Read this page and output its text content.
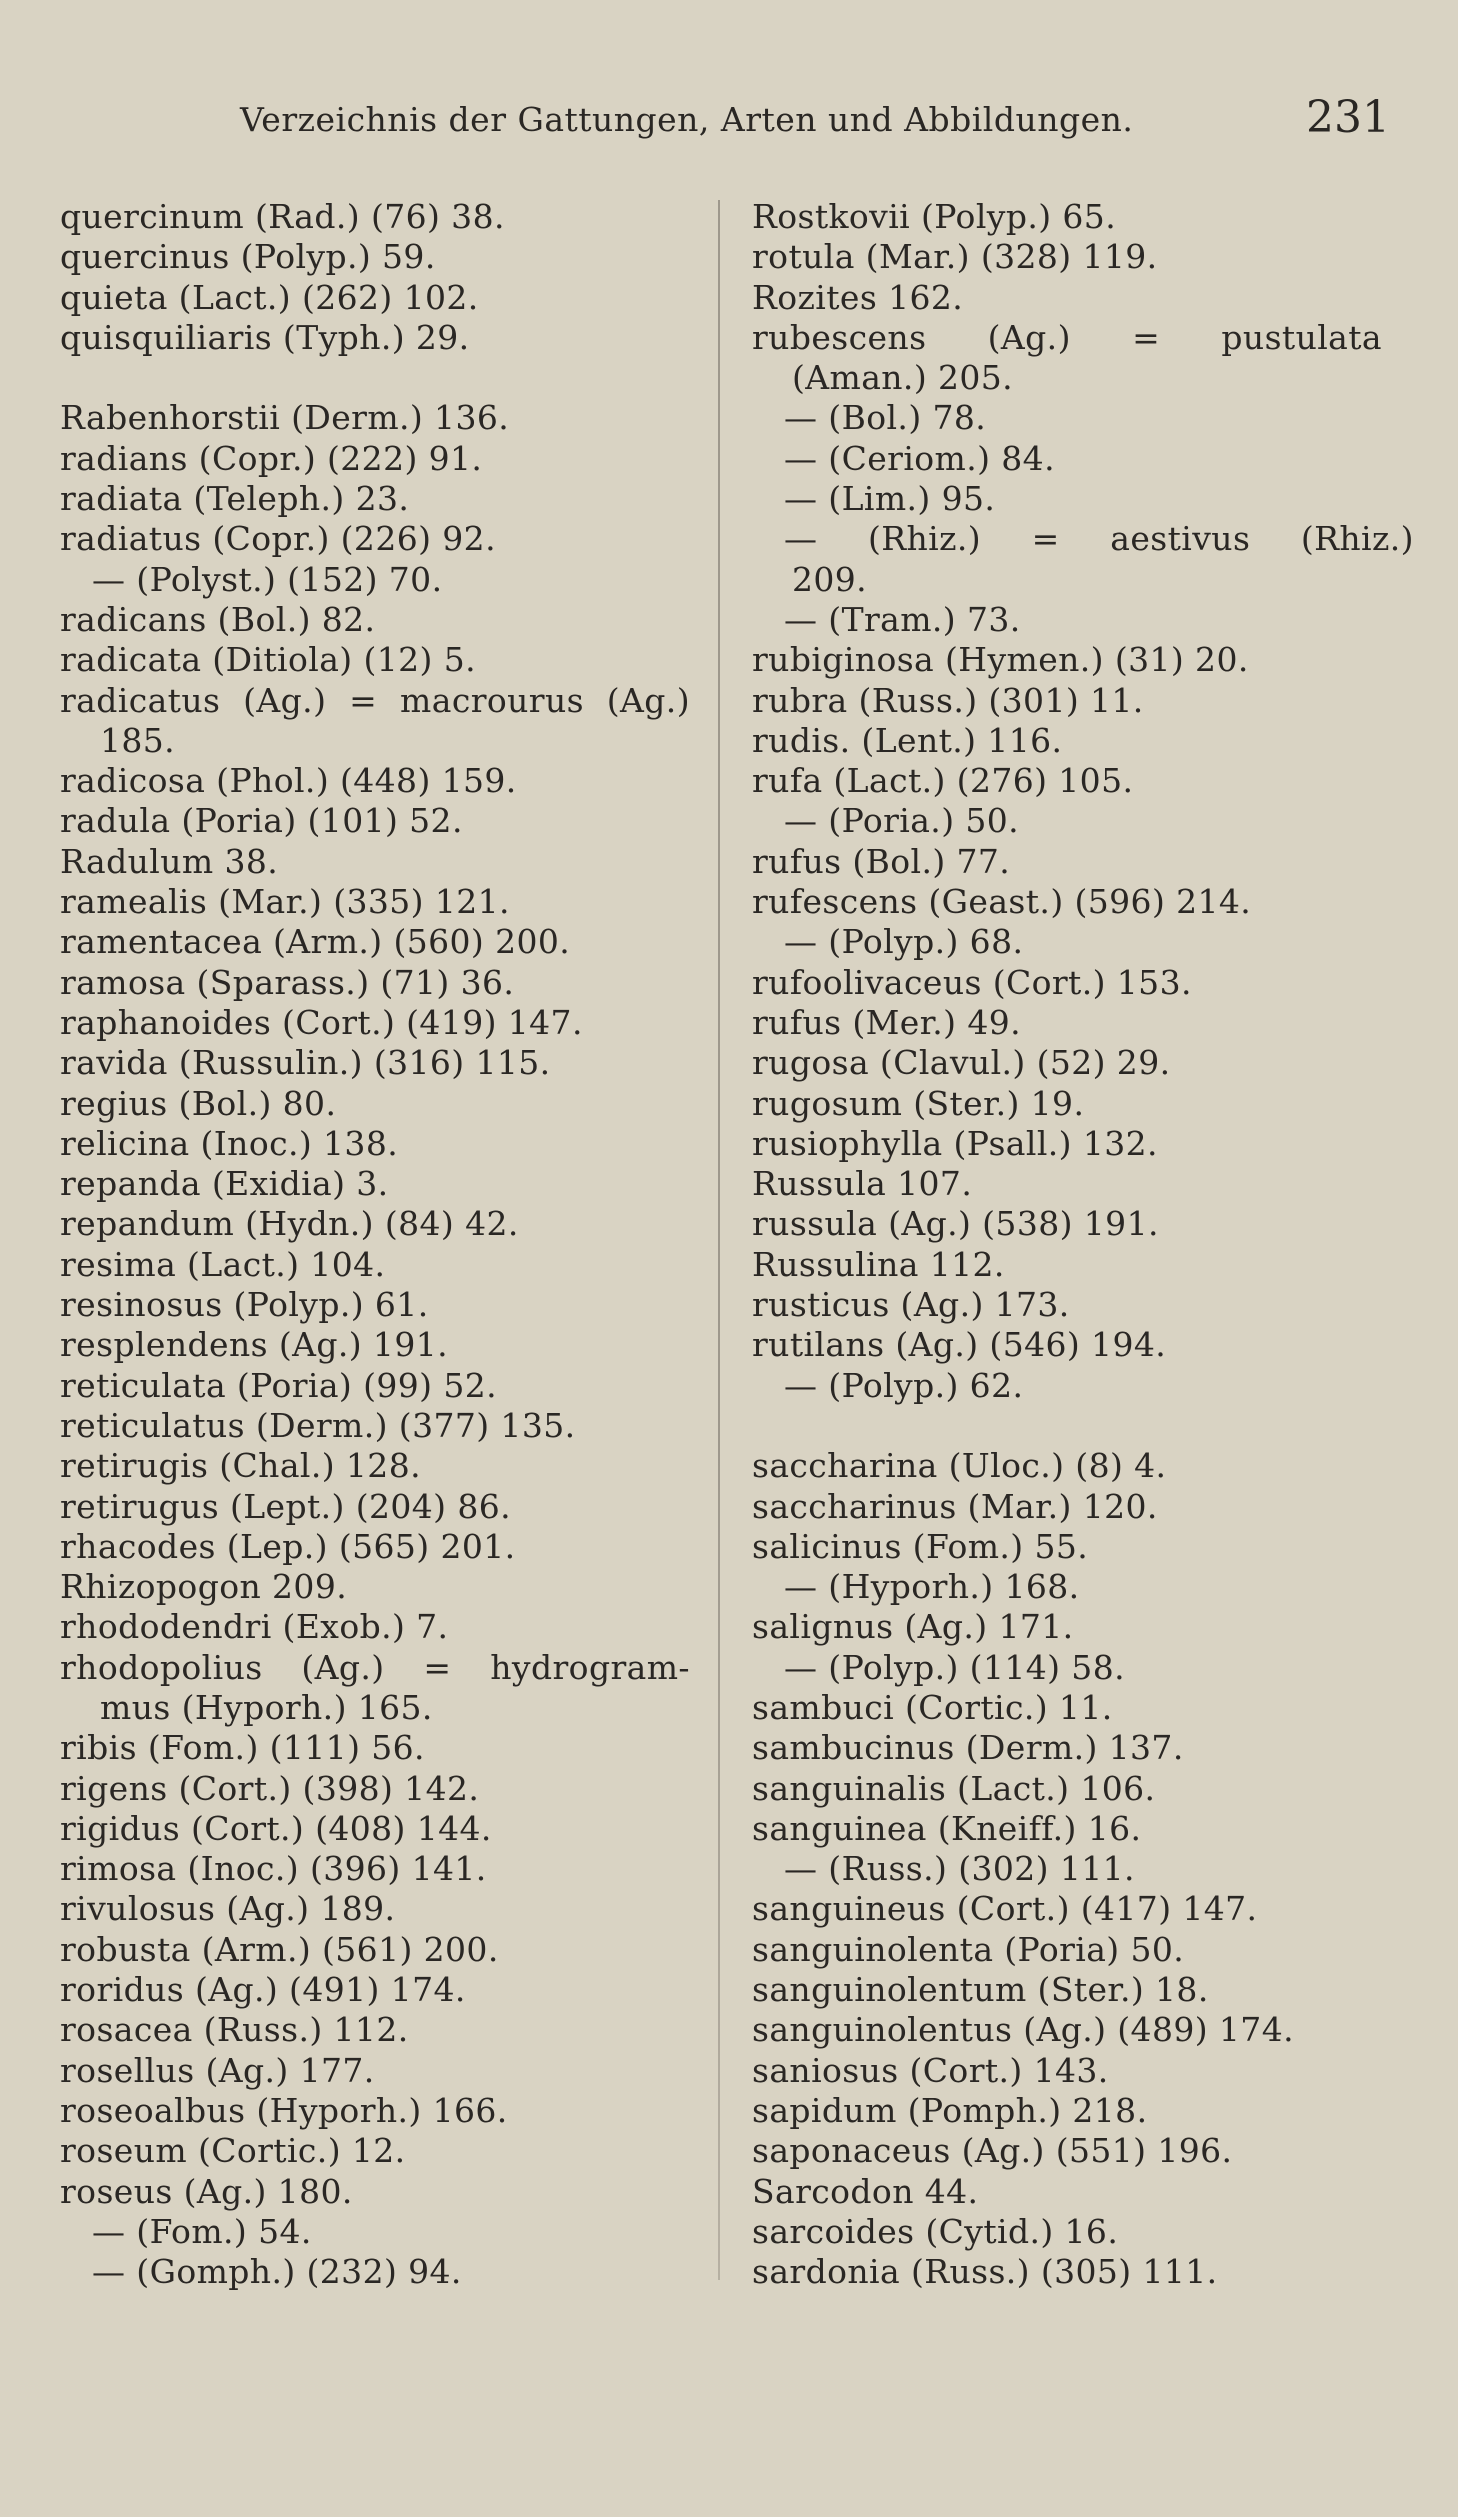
Verzeichnis der Gattungen, Arten und Abbildungen.	231
quercinum (Rad.) (76) 38.
quercinus (Polyp.) 59.
quieta (Lact.) (262) 102.
quisquiliaris (Typh.) 29.
Rabenhorstii (Derm.) 136.
radians (Copr.) (222) 91.
radiata (Teleph.) 23.
radiatus (Copr.) (226) 92.
— (Polyst.) (152) 70.
radicans (Bol.) 82.
radicata (Ditiola) (12) 5.
radicatus (Ag.) = macrourus (Ag.)
185.
radicosa (Phol.) (448) 159.
radula (Poria) (101) 52.
Radulum 38.
ramealis (Mar.) (335) 121.
ramentacea (Arm.) (560) 200.
ramosa (Sparass.) (71) 36.
raphanoides (Cort.) (419) 147.
ravida (Russulin.) (316) 115.
regius (Bol.) 80.
relicina (Inoc.) 138.
repanda (Exidia) 3.
repandum (Hydn.) (84) 42.
resima (Lact.) 104.
resinosus (Polyp.) 61.
resplendens (Ag.) 191.
reticulata (Poria) (99) 52.
reticulatus (Derm.) (377) 135.
retirugis (Chal.) 128.
retirugus (Lept.) (204) 86.
rhacodes (Lep.) (565) 201.
Rhizopogon 209.
rhododendri (Exob.) 7.
rhodopolius (Ag.) = hydrogram-
mus (Hyporh.) 165.
ribis (Fom.) (111) 56.
rigens (Cort.) (398) 142.
rigidus (Cort.) (408) 144.
rimosa (Inoc.) (396) 141.
rivulosus (Ag.) 189.
robusta (Arm.) (561) 200.
roridus (Ag.) (491) 174.
rosacea (Russ.) 112.
rosellus (Ag.) 177.
roseoalbus (Hyporh.) 166.
roseum (Cortic.) 12.
roseus (Ag.) 180.
— (Fom.) 54.
— (Gomph.) (232) 94.
Rostkovii (Polyp.) 65.
rotula (Mar.) (328) 119.
Rozites 162.
rubescens (Ag.) = pustulata
(Aman.) 205.
— (Bol.) 78.
— (Ceriom.) 84.
— (Lim.) 95.
— (Rhiz.) = aestivus (Rhiz.)
209.
— (Tram.) 73.
rubiginosa (Hymen.) (31) 20.
rubra (Russ.) (301) 11.
rudis. (Lent.) 116.
rufa (Lact.) (276) 105.
— (Poria.) 50.
rufus (Bol.) 77.
rufescens (Geast.) (596) 214.
— (Polyp.) 68.
rufoolivaceus (Cort.) 153.
rufus (Mer.) 49.
rugosa (Clavul.) (52) 29.
rugosum (Ster.) 19.
rusiophylla (Psall.) 132.
Russula 107.
russula (Ag.) (538) 191.
Russulina 112.
rusticus (Ag.) 173.
rutilans (Ag.) (546) 194.
— (Polyp.) 62.
saccharina (Uloc.) (8) 4.
saccharinus (Mar.) 120.
salicinus (Fom.) 55.
— (Hyporh.) 168.
salignus (Ag.) 171.
— (Polyp.) (114) 58.
sambuci (Cortic.) 11.
sambucinus (Derm.) 137.
sanguinalis (Lact.) 106.
sanguinea (Kneiff.) 16.
— (Russ.) (302) 111.
sanguineus (Cort.) (417) 147.
sanguinolenta (Poria) 50.
sanguinolentum (Ster.) 18.
sanguinolentus (Ag.) (489) 174.
saniosus (Cort.) 143.
sapidum (Pomph.) 218.
saponaceus (Ag.) (551) 196.
Sarcodon 44.
sarcoides (Cytid.) 16.
sardonia (Russ.) (305) 111.
